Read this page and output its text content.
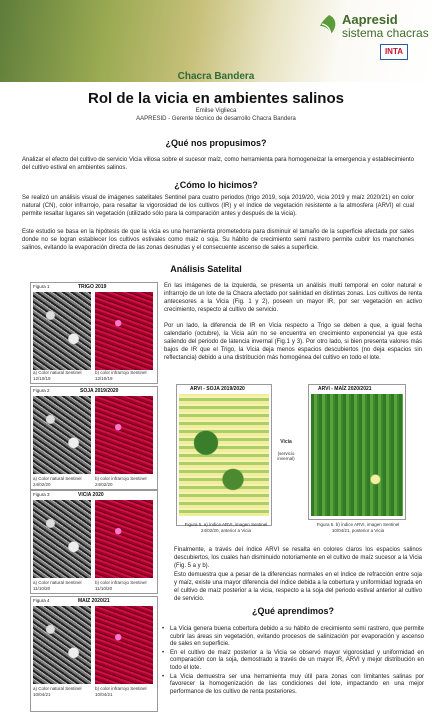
Aapresid
sistema chacras
INTA
Chacra Bandera
Rol de la vicia en ambientes salinos
Emilse Viglieca
AAPRESID - Gerente técnico de desarrollo Chacra Bandera
¿Qué nos propusimos?
Analizar el efecto del cultivo de servicio Vicia villosa sobre el sucesor maíz, como herramienta para homogeneizar la emergencia y establecimiento del cultivo estival en ambientes salinos.
¿Cómo lo hicimos?
Se realizó un análisis visual de imágenes satelitales Sentinel para cuatro periodos (trigo 2019, soja 2019/20, vicia 2019 y maíz 2020/21) en color natural (CN), color infrarrojo, para resaltar la vigorosidad de los cultivos (IR) y el índice de vegetación resistente a la atmosfera (ARVI) el cual permite resaltar lugares sin vegetación (utilizado sólo para la comparación antes y después de la vicia).
Este estudio se basa en la hipótesis de que la vicia es una herramienta prometedora para disminuir el tamaño de la superficie afectada por sales donde no se logran establecer los cultivos estivales como maíz o soja. Su hábito de crecimiento semi rastrero permite cubrir los manchones salinos, evitando la evaporación directa de las zonas desnudas y el consecuente ascenso de sales a superficie.
Análisis Satelital
Figura 1	TRIGO 2019
a) Color natural Sentinel 12/10/19
b) color infrarrojo Sentinel 12/10/19
Figura 2	SOJA 2019/2020
a) Color natural Sentinel 24/02/20
b) color infrarrojo Sentinel 24/02/20
Figura 3	VICIA 2020
a) Color natural Sentinel 11/10/20
b) color infrarrojo Sentinel 11/10/20
Figura 4	MAIZ 2020/21
a) Color natural Sentinel 10/04/21
b) color infrarrojo Sentinel 10/04/21
En las imágenes de la izquierda, se presenta un análisis multi temporal en color natural e infrarrojo de un lote de la Chacra afectado por salinidad en distintas zonas. Los cultivos de renta antecesores a la Vicia (Fig. 1 y 2), poseen un mayor IR, por ser vegetación en activo crecimiento, respecto al cultivo de servicio.
Por un lado, la diferencia de IR en Vicia respecto a Trigo se deben a que, a igual fecha calendario (octubre), la Vicia aún no se encuentra en crecimiento exponencial ya que está saliendo del periodo de latencia invernal (Fig.1 y 3). Por otro lado, si bien presenta valores más bajos de IR que el Trigo, la Vicia deja menos espacios descubiertos (no deja espacios sin reflectancia) debido a una distribución más homogénea del cultivo en todo el lote.
ARVI - SOJA 2019/2020
Vicia
(servicio invernal)
ARVI - MAÍZ 2020/2021
Figura 5. a) índice ARVI, imagen Sentinel 24/02/20, anterior a Vicia
Figura 5. b) índice ARVI, imagen Sentinel 10/04/21, posterior a Vicia
Finalmente, a través del índice ARVI se resalta en colores claros los espacios salinos descubiertos, los cuales han disminuido notoriamente en el cultivo de maíz sucesor a la Vicia (Fig. 5 a y b).
Esto demuestra que a pesar de la diferencias normales en el índice de refracción entre soja y maíz, existe una mayor diferencia del índice debida a la cobertura y uniformidad lograda en el cultivo de maíz posterior a la vicia, respecto a la soja del periodo estival anterior al cultivo de servicio.
¿Qué aprendimos?
• La Vicia genera buena cobertura debido a su hábito de crecimiento semi rastrero, que permite cubrir las áreas sin vegetación, evitando procesos de salinización por evaporación y ascenso de sales en superficie.
• En el cultivo de maíz posterior a la Vicia se observó mayor vigorosidad y uniformidad en comparación con la soja, demostrado a través de un mayor IR, ARVI y mejor distribución en todo el lote.
• La Vicia demuestra ser una herramienta muy útil para zonas con limitantes salinas por favorecer la homogenización de las condiciones del lote, impactando en una mejor performance de los cultivo de renta posteriores.
